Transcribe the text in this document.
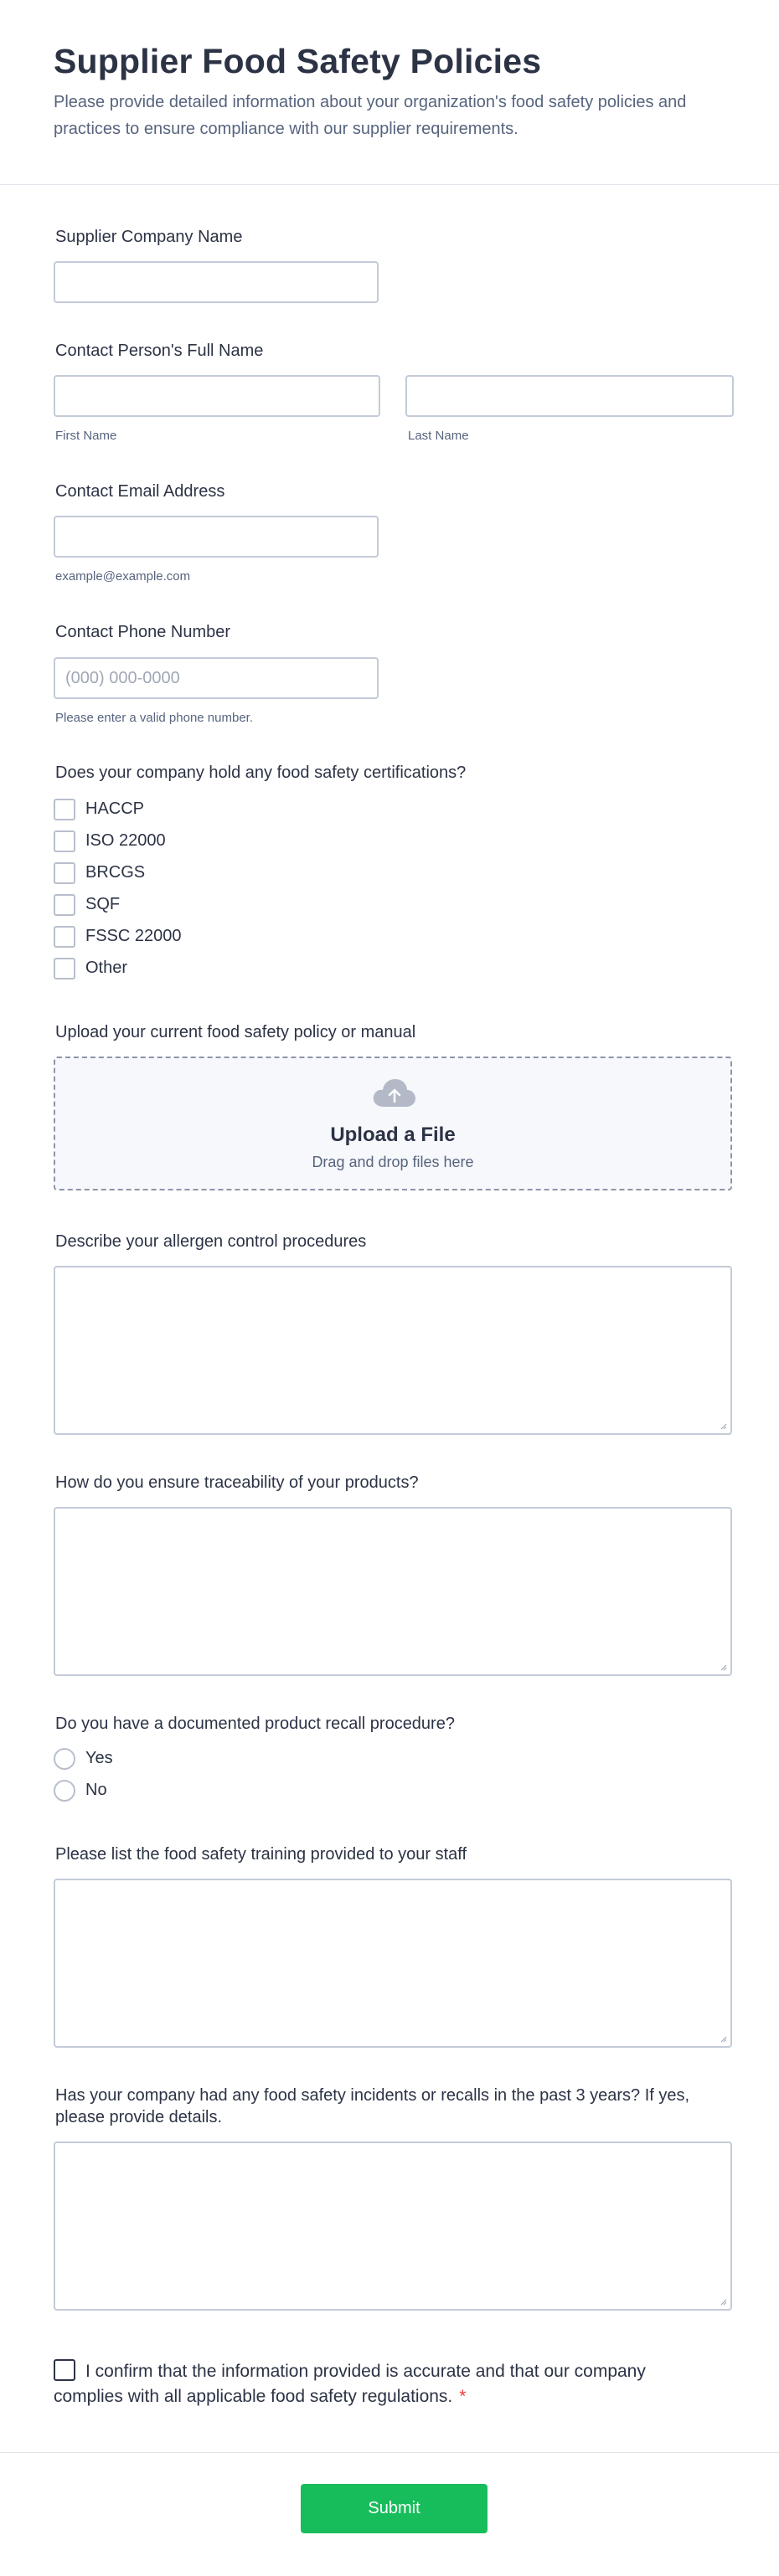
Supplier Food Safety Policies
Please provide detailed information about your organization's food safety policies and practices to ensure compliance with our supplier requirements.
Supplier Company Name
Contact Person's Full Name
First Name	Last Name
Contact Email Address
example@example.com
Contact Phone Number
(000) 000-0000
Please enter a valid phone number.
Does your company hold any food safety certifications?
HACCP
ISO 22000
BRCGS
SQF
FSSC 22000
Other
Upload your current food safety policy or manual
Upload a File
Drag and drop files here
Describe your allergen control procedures
How do you ensure traceability of your products?
Do you have a documented product recall procedure?
Yes
No
Please list the food safety training provided to your staff
Has your company had any food safety incidents or recalls in the past 3 years? If yes, please provide details.
I confirm that the information provided is accurate and that our company complies with all applicable food safety regulations. *
Submit
